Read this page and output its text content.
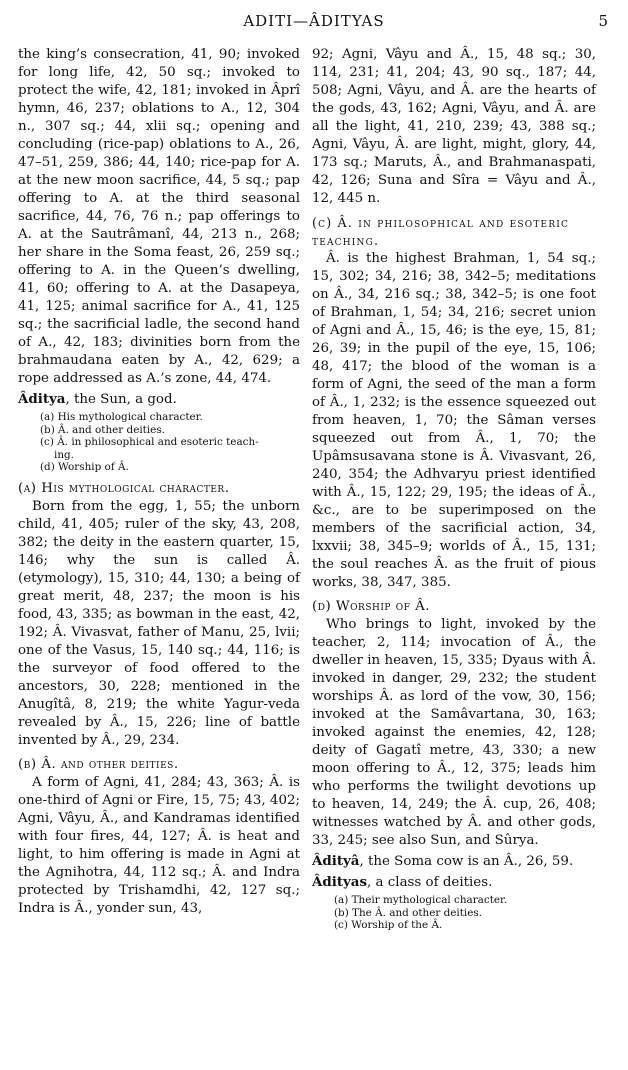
ADITI—ÂDITYAS	5

the king’s consecration, 41, 90; invoked for long life, 42, 50 sq.; invoked to protect the wife, 42, 181; invoked in Âprî hymn, 46, 237; oblations to A., 12, 304 n., 307 sq.; 44, xlii sq.; opening and concluding (rice-pap) oblations to A., 26, 47–51, 259, 386; 44, 140; rice-pap for A. at the new moon sacrifice, 44, 5 sq.; pap offering to A. at the third seasonal sacrifice, 44, 76, 76 n.; pap offerings to A. at the Sautrâmanî, 44, 213 n., 268; her share in the Soma feast, 26, 259 sq.; offering to A. in the Queen’s dwelling, 41, 60; offering to A. at the Dasapeya, 41, 125; animal sacrifice for A., 41, 125 sq.; the sacrificial ladle, the second hand of A., 42, 183; divinities born from the brahmaudana eaten by A., 42, 629; a rope addressed as A.’s zone, 44, 474.

Âditya, the Sun, a god.

(a) His mythological character.
(b) Â. and other deities.
(c) Â. in philosophical and esoteric teach-
ing.
(d) Worship of Â.
(a) His mythological character.

Born from the egg, 1, 55; the unborn child, 41, 405; ruler of the sky, 43, 208, 382; the deity in the eastern quarter, 15, 146; why the sun is called Â. (etymology), 15, 310; 44, 130; a being of great merit, 48, 237; the moon is his food, 43, 335; as bowman in the east, 42, 192; Â. Vivasvat, father of Manu, 25, lvii; one of the Vasus, 15, 140 sq.; 44, 116; is the surveyor of food offered to the ancestors, 30, 228; mentioned in the Anugîtâ, 8, 219; the white Yagur-veda revealed by Â., 15, 226; line of battle invented by Â., 29, 234.

(b) Â. and other deities.

A form of Agni, 41, 284; 43, 363; Â. is one-third of Agni or Fire, 15, 75; 43, 402; Agni, Vâyu, Â., and Kandramas identified with four fires, 44, 127; Â. is heat and light, to him offering is made in Agni at the Agnihotra, 44, 112 sq.; Â. and Indra protected by Trishamdhi, 42, 127 sq.; Indra is Â., yonder sun, 43,

92; Agni, Vâyu and Â., 15, 48 sq.; 30, 114, 231; 41, 204; 43, 90 sq., 187; 44, 508; Agni, Vâyu, and Â. are the hearts of the gods, 43, 162; Agni, Vâyu, and Â. are all the light, 41, 210, 239; 43, 388 sq.; Agni, Vâyu, Â. are light, might, glory, 44, 173 sq.; Maruts, Â., and Brahmanaspati, 42, 126; Suna and Sîra = Vâyu and Â., 12, 445 n.

(c) Â. in philosophical and esoteric teaching.

Â. is the highest Brahman, 1, 54 sq.; 15, 302; 34, 216; 38, 342–5; meditations on Â., 34, 216 sq.; 38, 342–5; is one foot of Brahman, 1, 54; 34, 216; secret union of Agni and Â., 15, 46; is the eye, 15, 81; 26, 39; in the pupil of the eye, 15, 106; 48, 417; the blood of the woman is a form of Agni, the seed of the man a form of Â., 1, 232; is the essence squeezed out from heaven, 1, 70; the Sâman verses squeezed out from Â., 1, 70; the Upâmsusavana stone is Â. Vivasvant, 26, 240, 354; the Adhvaryu priest identified with Â., 15, 122; 29, 195; the ideas of Â., &c., are to be superimposed on the members of the sacrificial action, 34, lxxvii; 38, 345–9; worlds of Â., 15, 131; the soul reaches Â. as the fruit of pious works, 38, 347, 385.

(d) Worship of Â.

Who brings to light, invoked by the teacher, 2, 114; invocation of Â., the dweller in heaven, 15, 335; Dyaus with Â. invoked in danger, 29, 232; the student worships Â. as lord of the vow, 30, 156; invoked at the Samâvartana, 30, 163; invoked against the enemies, 42, 128; deity of Gagatî metre, 43, 330; a new moon offering to Â., 12, 375; leads him who performs the twilight devotions up to heaven, 14, 249; the Â. cup, 26, 408; witnesses watched by Â. and other gods, 33, 245; see also Sun, and Sûrya.

Âdityâ, the Soma cow is an Â., 26, 59.

Âdityas, a class of deities.

(a) Their mythological character.
(b) The Â. and other deities.
(c) Worship of the Â.
